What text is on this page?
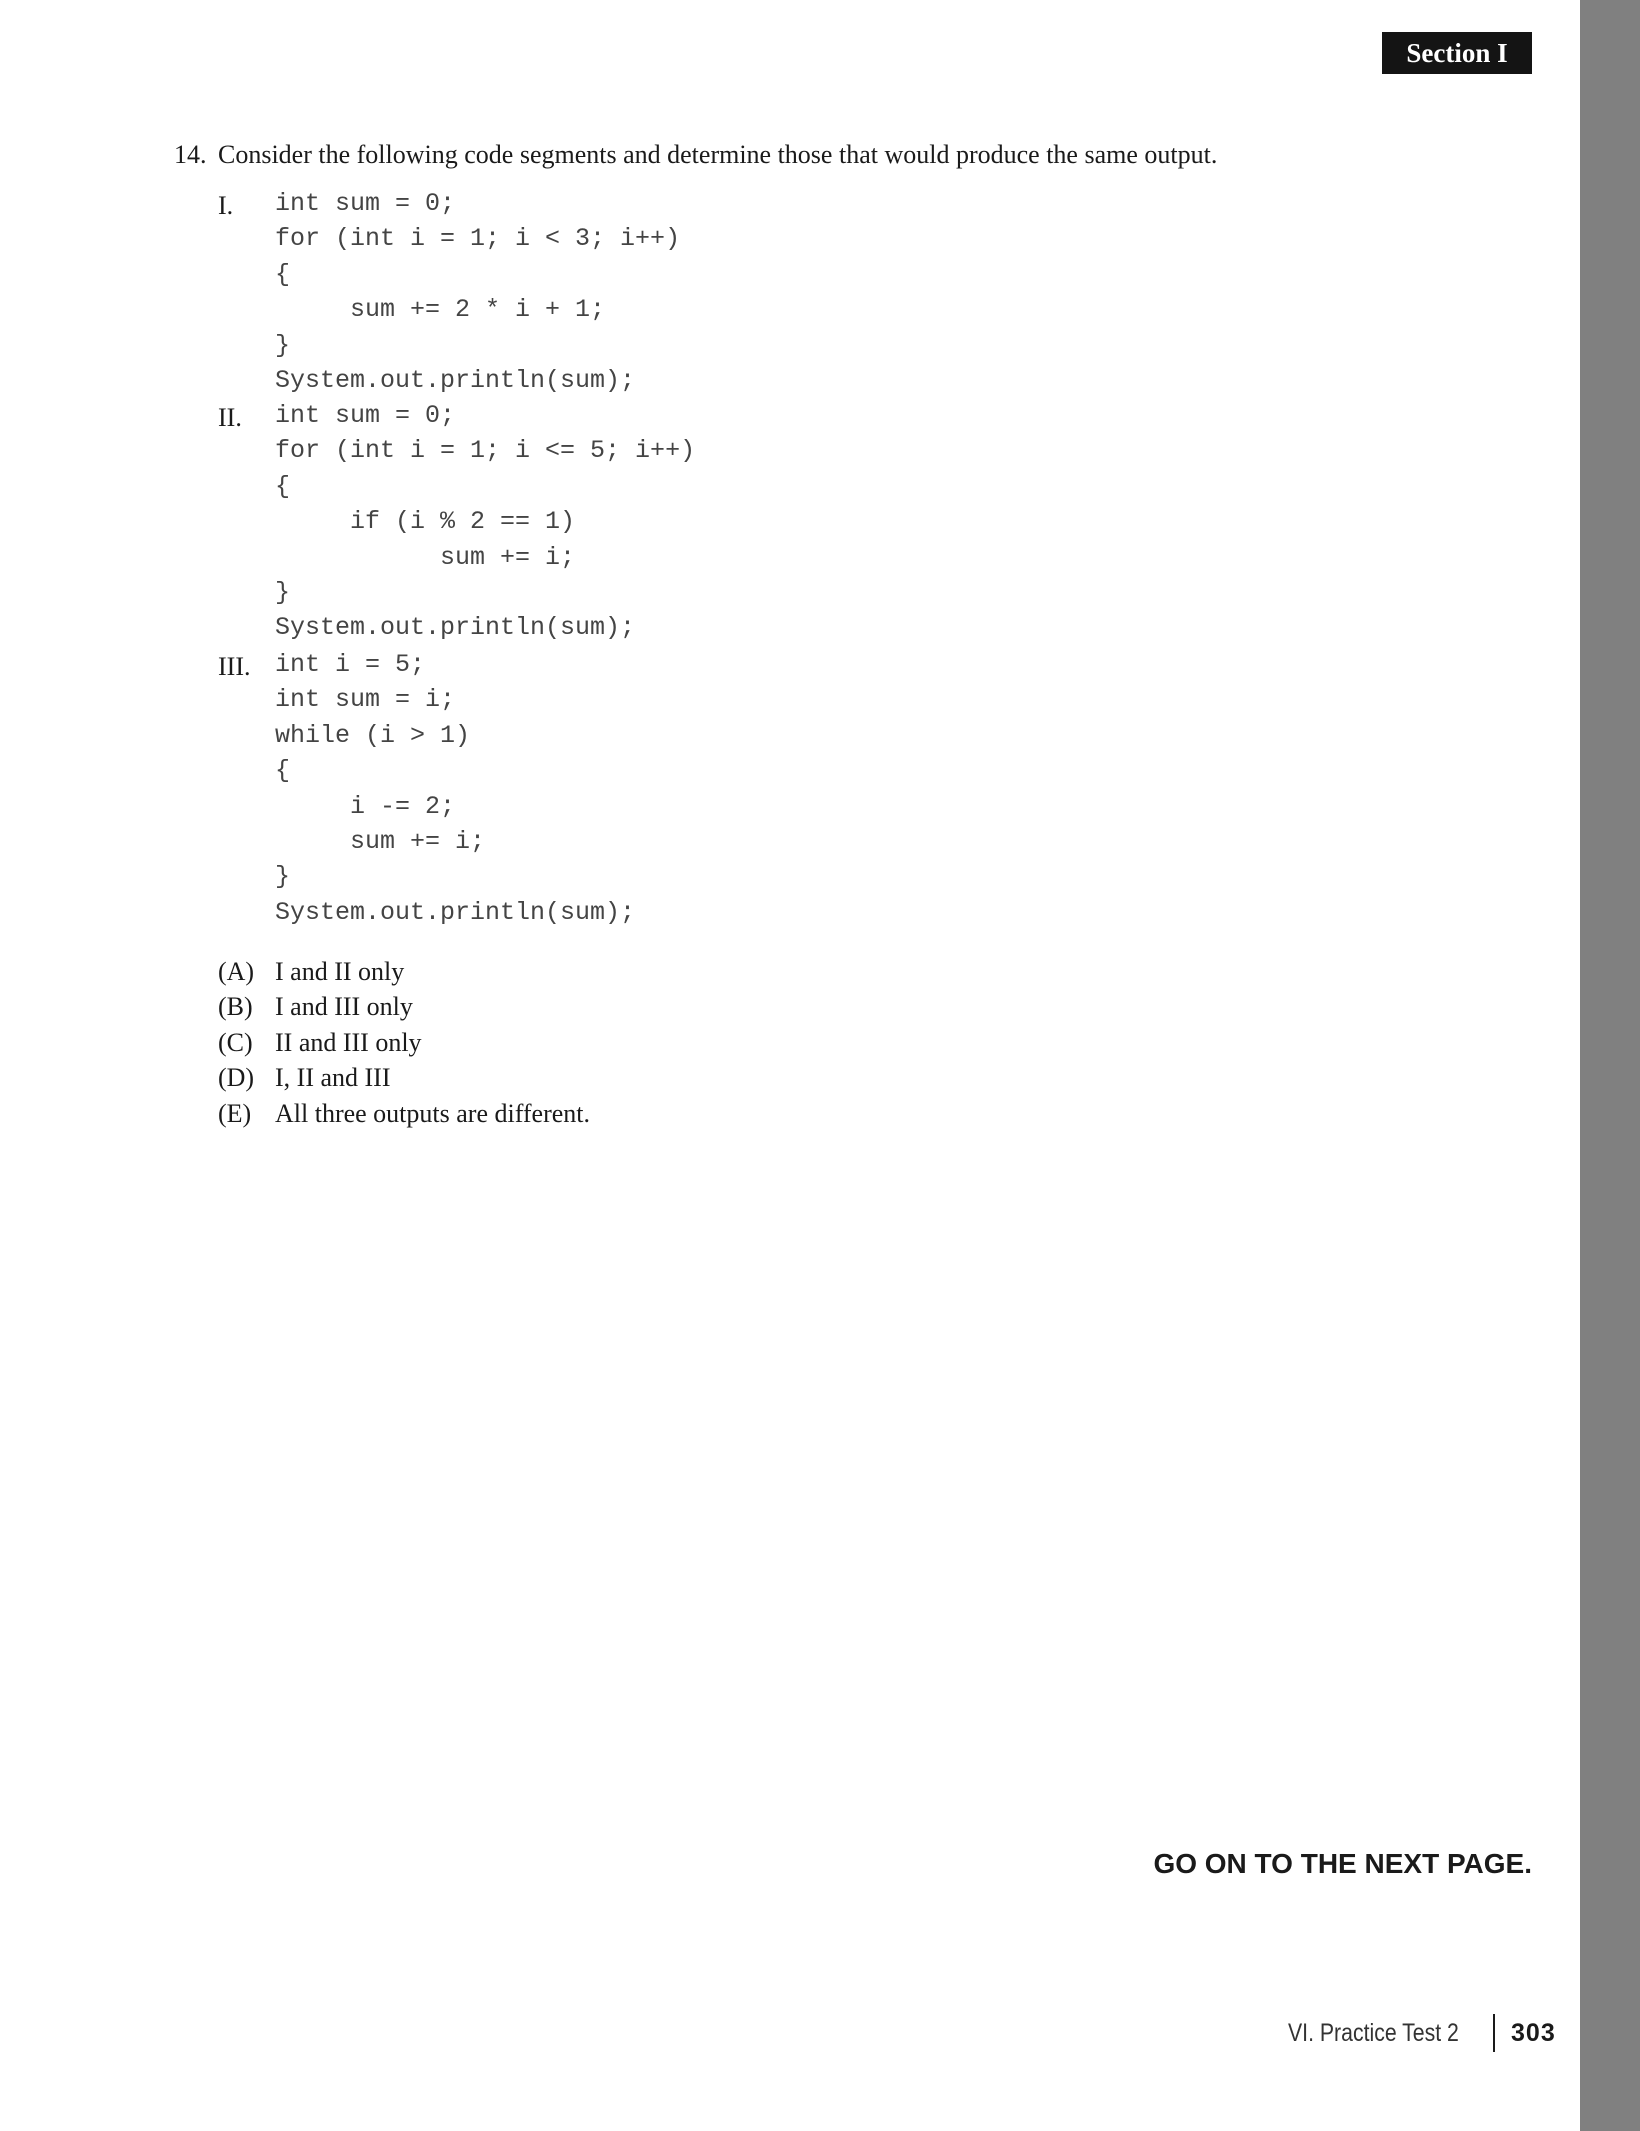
Section I
14. Consider the following code segments and determine those that would produce the same output.
I. int sum = 0;
for (int i = 1; i < 3; i++)
{
sum += 2 * i + 1;
}
System.out.println(sum);
II. int sum = 0;
for (int i = 1; i <= 5; i++)
{
if (i % 2 == 1)
sum += i;
}
System.out.println(sum);
III. int i = 5;
int sum = i;
while (i > 1)
{
i -= 2;
sum += i;
}
System.out.println(sum);
(A) I and II only
(B) I and III only
(C) II and III only
(D) I, II and III
(E) All three outputs are different.
GO ON TO THE NEXT PAGE.
VI. Practice Test 2 303
